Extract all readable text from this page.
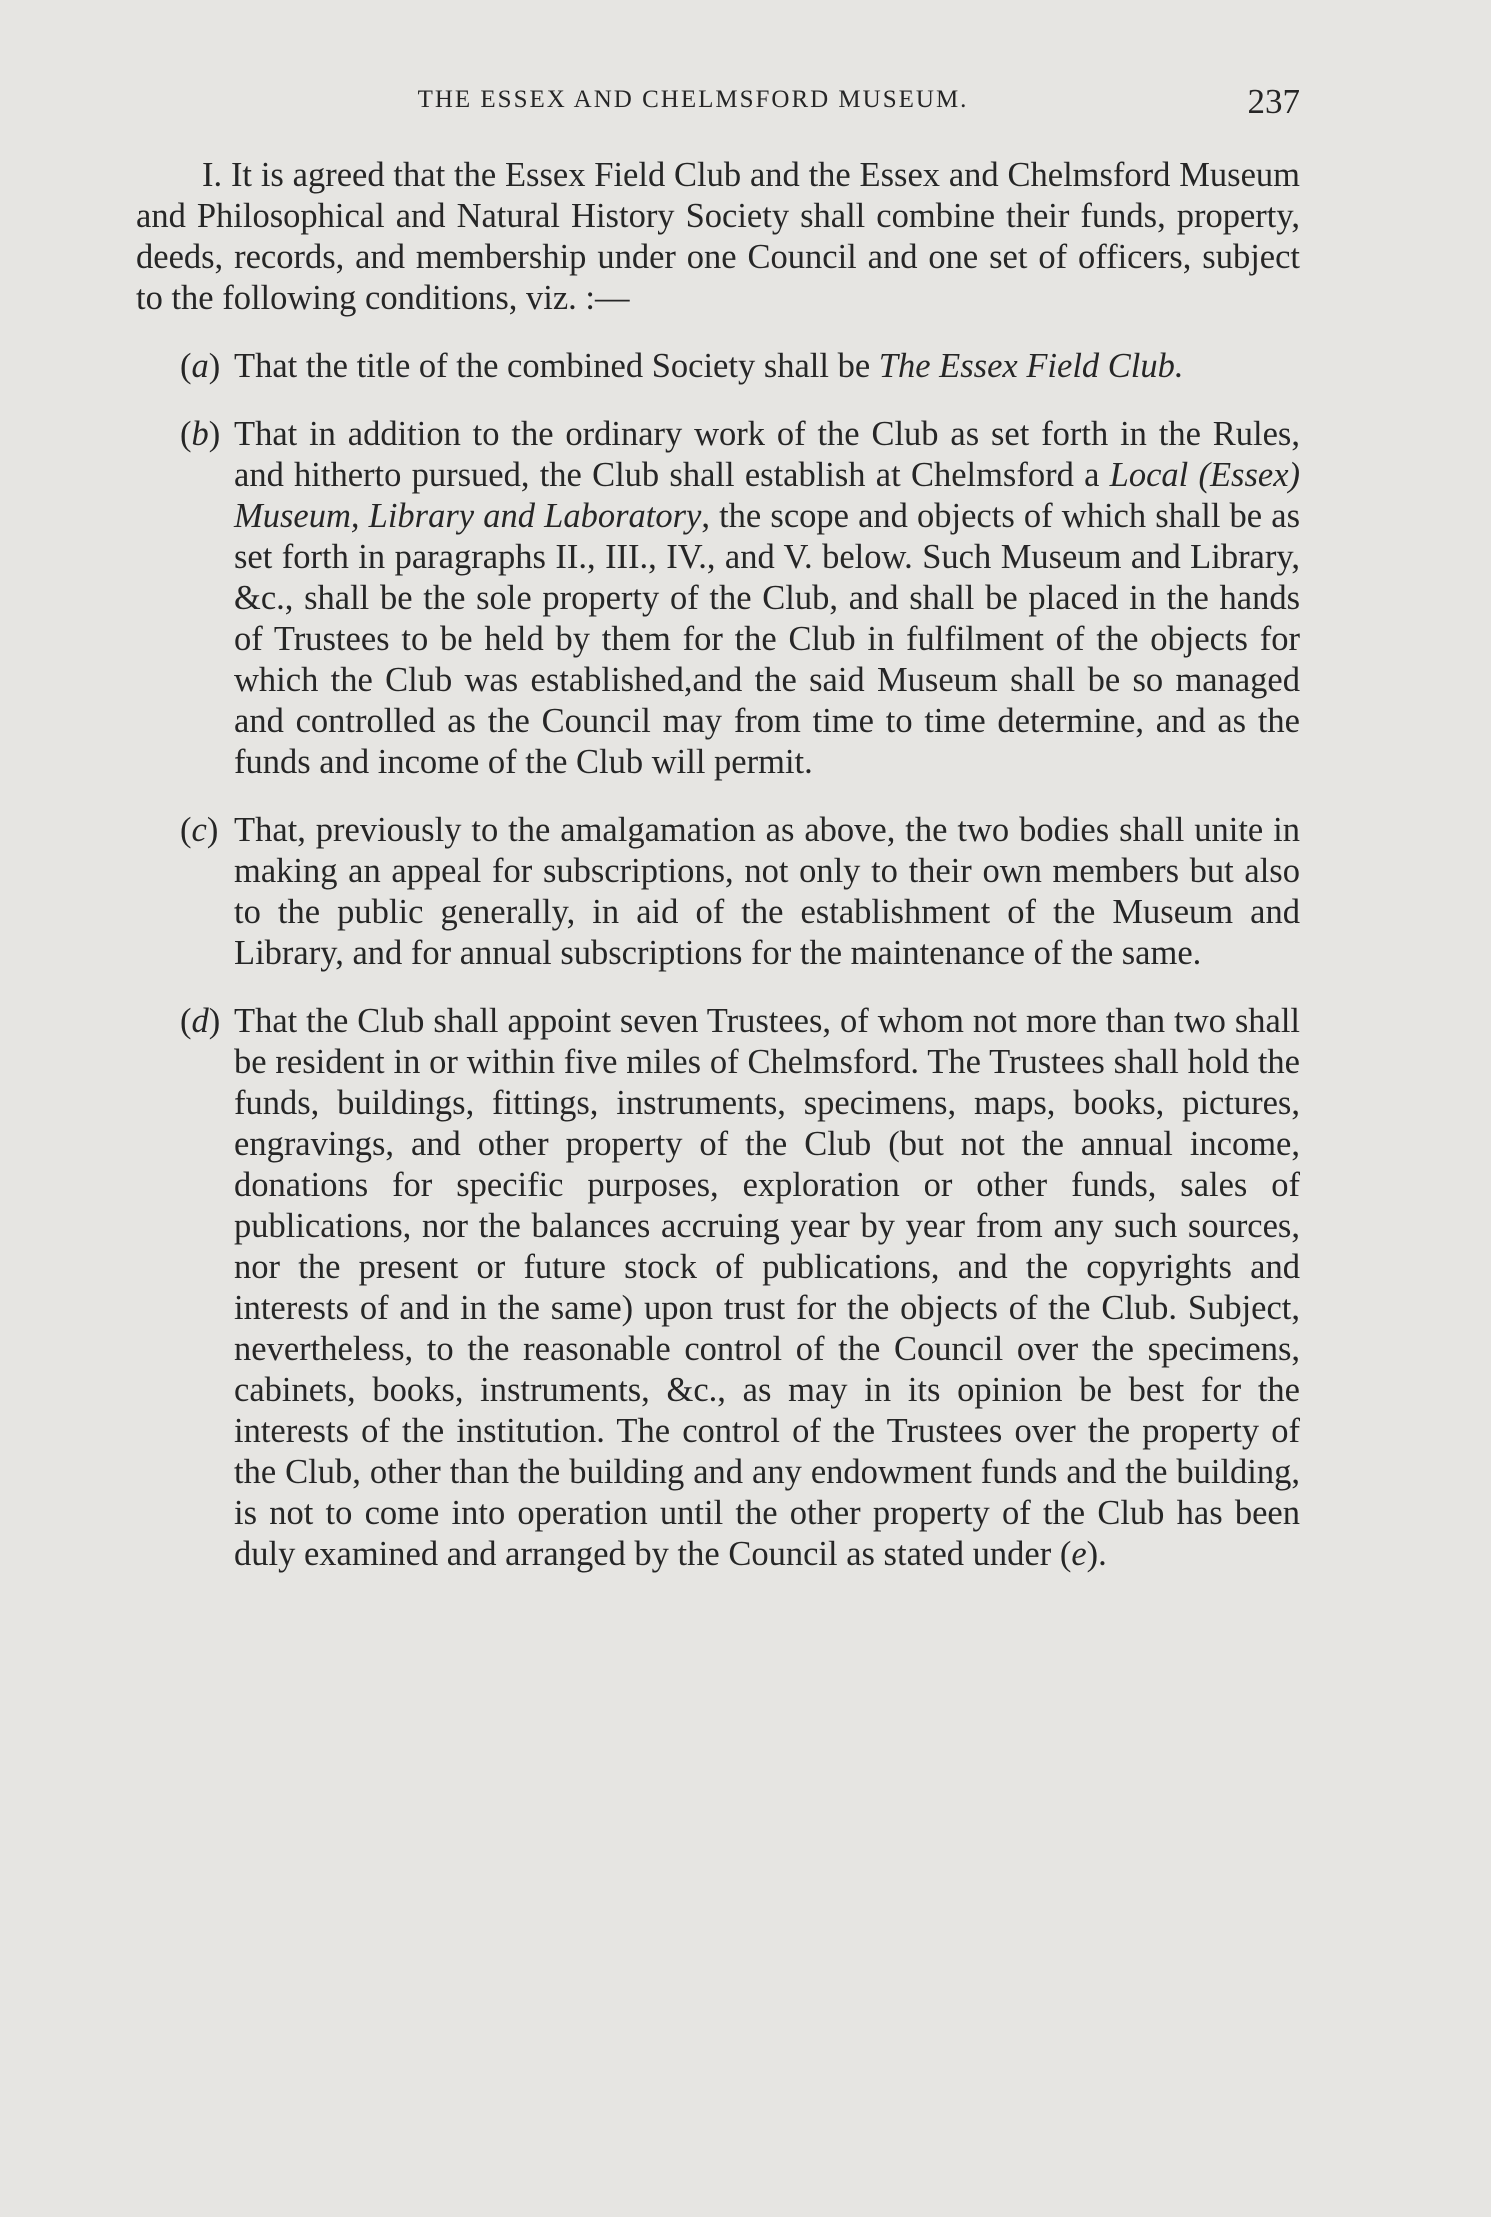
THE ESSEX AND CHELMSFORD MUSEUM.	237

I. It is agreed that the Essex Field Club and the Essex and Chelmsford Museum and Philosophical and Natural History Society shall combine their funds, property, deeds, records, and membership under one Council and one set of officers, subject to the following conditions, viz. :—

(a) That the title of the combined Society shall be The Essex Field Club.

(b) That in addition to the ordinary work of the Club as set forth in the Rules, and hitherto pursued, the Club shall establish at Chelmsford a Local (Essex) Museum, Library and Laboratory, the scope and objects of which shall be as set forth in paragraphs II., III., IV., and V. below. Such Museum and Library, &c., shall be the sole property of the Club, and shall be placed in the hands of Trustees to be held by them for the Club in fulfilment of the objects for which the Club was established,and the said Museum shall be so managed and controlled as the Council may from time to time determine, and as the funds and income of the Club will permit.

(c) That, previously to the amalgamation as above, the two bodies shall unite in making an appeal for subscriptions, not only to their own members but also to the public generally, in aid of the establishment of the Museum and Library, and for annual subscriptions for the maintenance of the same.

(d) That the Club shall appoint seven Trustees, of whom not more than two shall be resident in or within five miles of Chelmsford. The Trustees shall hold the funds, buildings, fittings, instruments, specimens, maps, books, pictures, engravings, and other property of the Club (but not the annual income, donations for specific purposes, exploration or other funds, sales of publications, nor the balances accruing year by year from any such sources, nor the present or future stock of publications, and the copyrights and interests of and in the same) upon trust for the objects of the Club. Subject, nevertheless, to the reasonable control of the Council over the specimens, cabinets, books, instruments, &c., as may in its opinion be best for the interests of the institution. The control of the Trustees over the property of the Club, other than the building and any endowment funds and the building, is not to come into operation until the other property of the Club has been duly examined and arranged by the Council as stated under (e).
